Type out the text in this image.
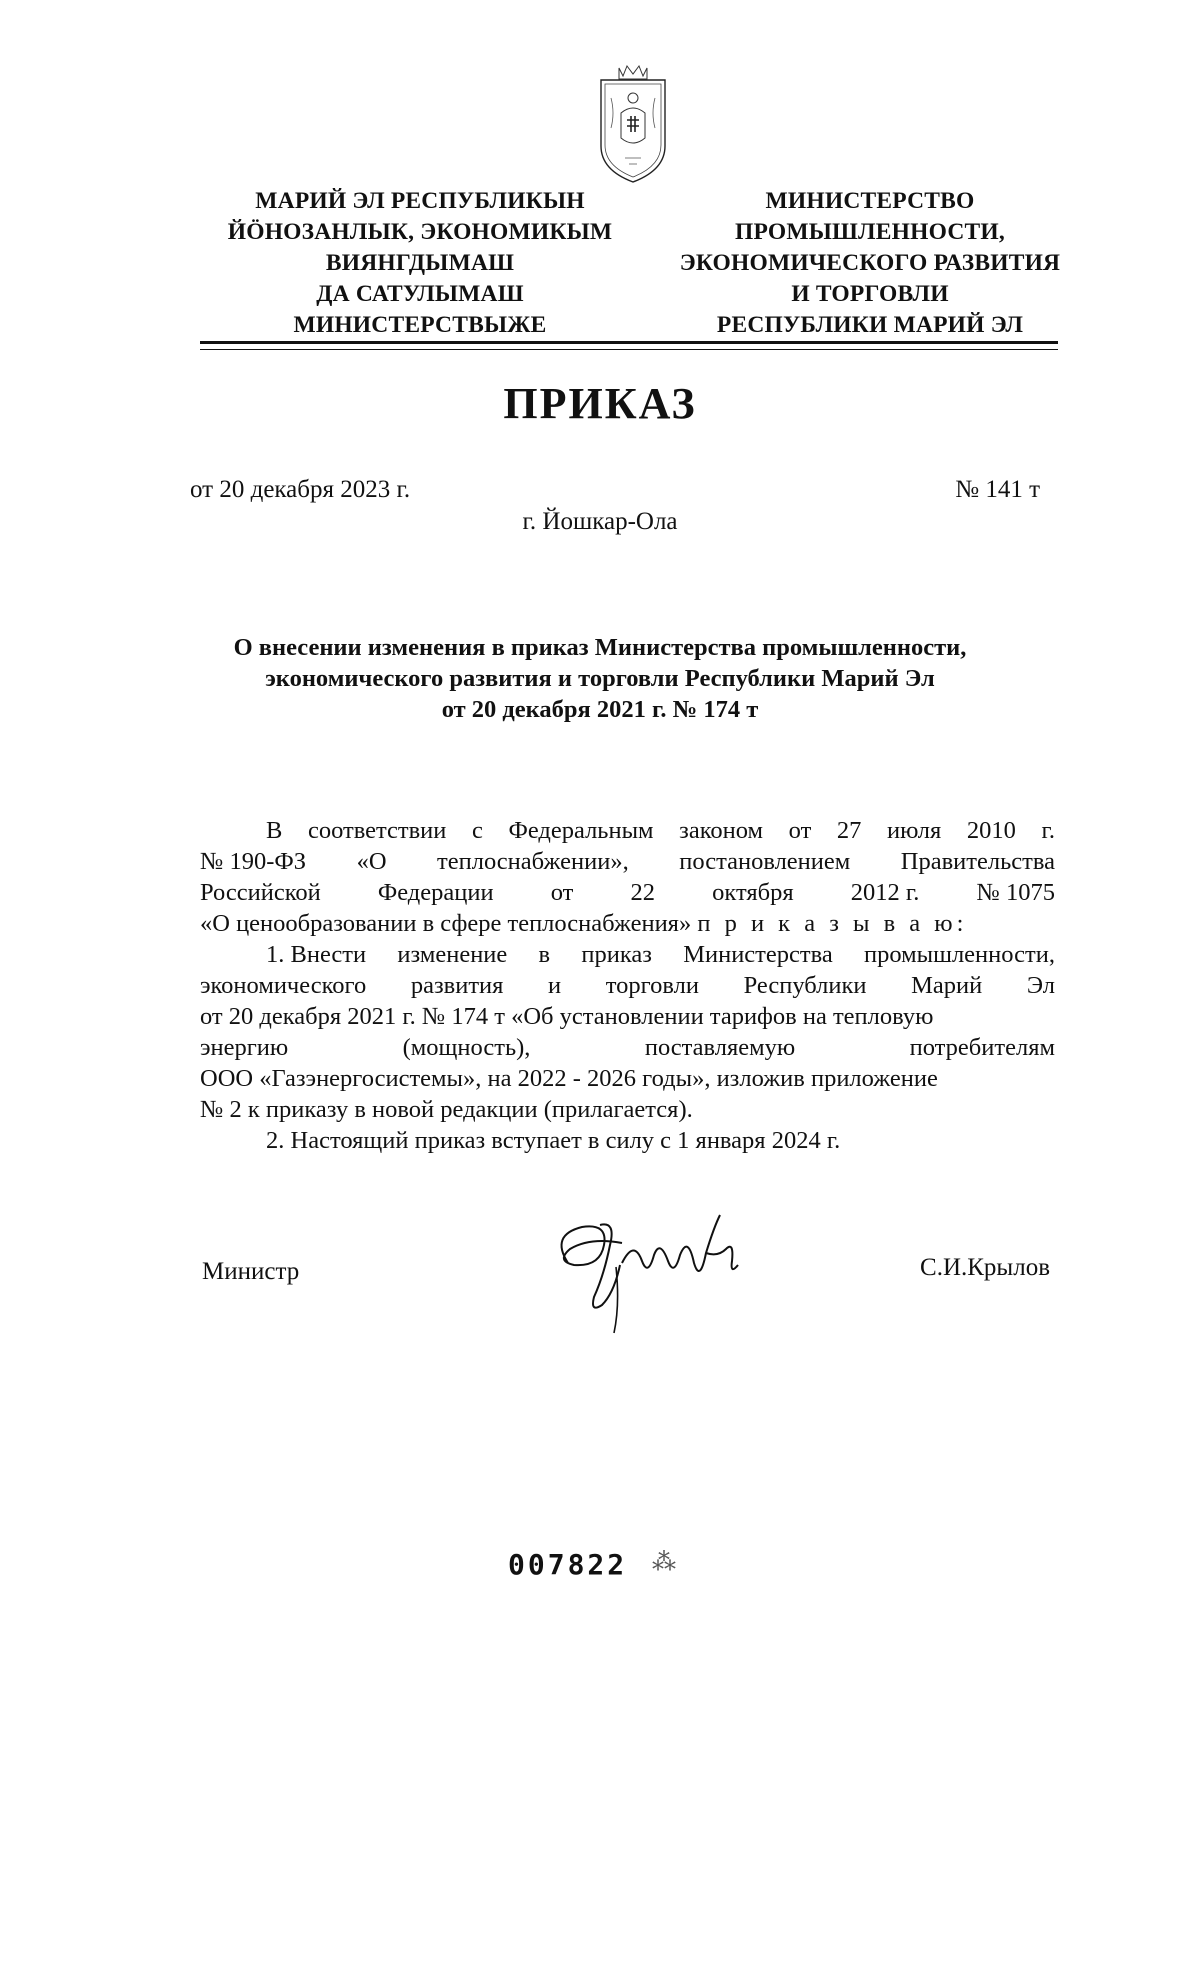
МАРИЙ ЭЛ РЕСПУБЛИКЫН
ЙӦНОЗАНЛЫК, ЭКОНОМИКЫМ
ВИЯНГДЫМАШ
ДА САТУЛЫМАШ
МИНИСТЕРСТВЫЖЕ
МИНИСТЕРСТВО
ПРОМЫШЛЕННОСТИ,
ЭКОНОМИЧЕСКОГО РАЗВИТИЯ
И ТОРГОВЛИ
РЕСПУБЛИКИ МАРИЙ ЭЛ
ПРИКАЗ
от 20 декабря 2023 г.	№ 141 т
г. Йошкар-Ола
О внесении изменения в приказ Министерства промышленности,
экономического развития и торговли Республики Марий Эл
от 20 декабря 2021 г. № 174 т
В соответствии с Федеральным законом от 27 июля 2010 г.
№ 190-ФЗ «О теплоснабжении», постановлением Правительства
Российской Федерации от 22 октября 2012 г. № 1075
«О ценообразовании в сфере теплоснабжения»
п р и к а з ы в а ю:
1. Внести изменение в приказ Министерства промышленности,
экономического развития и торговли Республики Марий Эл
от 20 декабря 2021 г. № 174 т «Об установлении тарифов на тепловую
энергию	(мощность),	поставляемую	потребителям
ООО «Газэнергосистемы», на 2022 - 2026 годы», изложив приложение
№ 2 к приказу в новой редакции (прилагается).
2. Настоящий приказ вступает в силу с 1 января 2024 г.
Министр	С.И.Крылов
007822 ⁂
